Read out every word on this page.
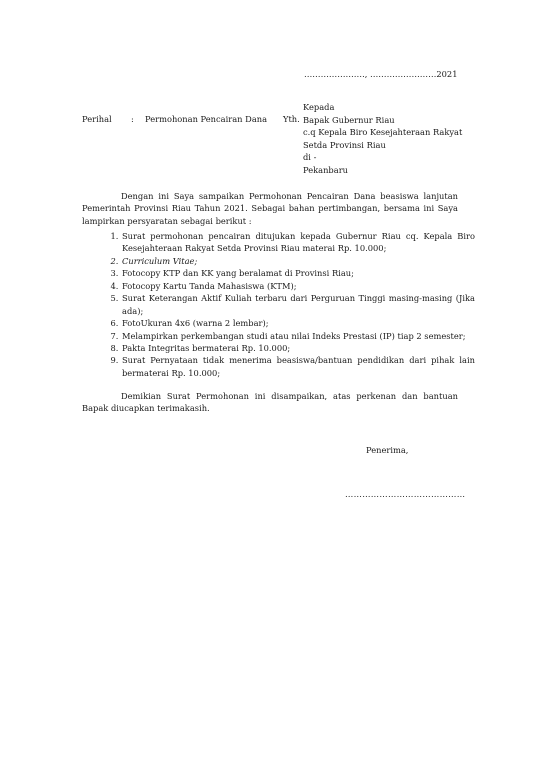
…………………., ……………………2021
Perihal : Permohonan Pencairan Dana Yth.
Kepada
Bapak Gubernur Riau
c.q Kepala Biro Kesejahteraan Rakyat
Setda Provinsi Riau
di -
Pekanbaru
Dengan ini Saya sampaikan Permohonan Pencairan Dana beasiswa lanjutan Pemerintah Provinsi Riau Tahun 2021. Sebagai bahan pertimbangan, bersama ini Saya lampirkan persyaratan sebagai berikut :
1. Surat permohonan pencairan ditujukan kepada Gubernur Riau cq. Kepala Biro Kesejahteraan Rakyat Setda Provinsi Riau materai Rp. 10.000;
2. Curriculum Vitae;
3. Fotocopy KTP dan KK yang beralamat di Provinsi Riau;
4. Fotocopy Kartu Tanda Mahasiswa (KTM);
5. Surat Keterangan Aktif Kuliah terbaru dari Perguruan Tinggi masing-masing (Jika ada);
6. FotoUkuran 4x6 (warna 2 lembar);
7. Melampirkan perkembangan studi atau nilai Indeks Prestasi (IP) tiap 2 semester;
8. Pakta Integritas bermaterai Rp. 10.000;
9. Surat Pernyataan tidak menerima beasiswa/bantuan pendidikan dari pihak lain bermaterai Rp. 10.000;
Demikian Surat Permohonan ini disampaikan, atas perkenan dan bantuan Bapak diucapkan terimakasih.
Penerima,
……………………………………
